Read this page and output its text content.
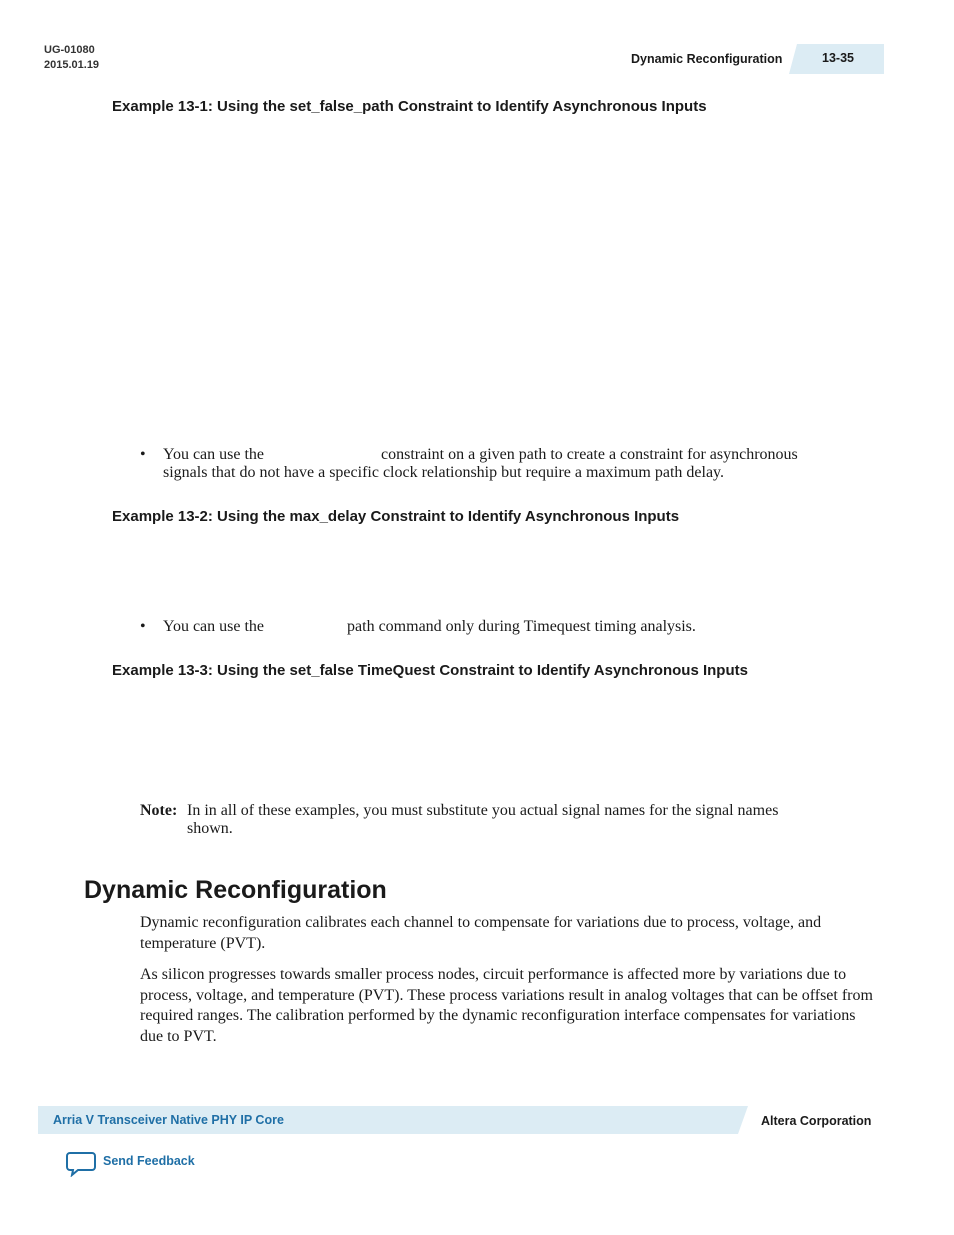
UG-01080
2015.01.19	Dynamic Reconfiguration	13-35
Example 13-1: Using the set_false_path Constraint to Identify Asynchronous Inputs
• You can use the	constraint on a given path to create a constraint for asynchronous
signals that do not have a specific clock relationship but require a maximum path delay.
Example 13-2: Using the max_delay Constraint to Identify Asynchronous Inputs
• You can use the	path command only during Timequest timing analysis.
Example 13-3: Using the set_false TimeQuest Constraint to Identify Asynchronous Inputs
Note: In in all of these examples, you must substitute you actual signal names for the signal names
shown.
Dynamic Reconfiguration
Dynamic reconfiguration calibrates each channel to compensate for variations due to process, voltage, and temperature (PVT).
As silicon progresses towards smaller process nodes, circuit performance is affected more by variations due to process, voltage, and temperature (PVT). These process variations result in analog voltages that can be offset from required ranges. The calibration performed by the dynamic reconfiguration interface compensates for variations due to PVT.
Arria V Transceiver Native PHY IP Core	Altera Corporation
Send Feedback
